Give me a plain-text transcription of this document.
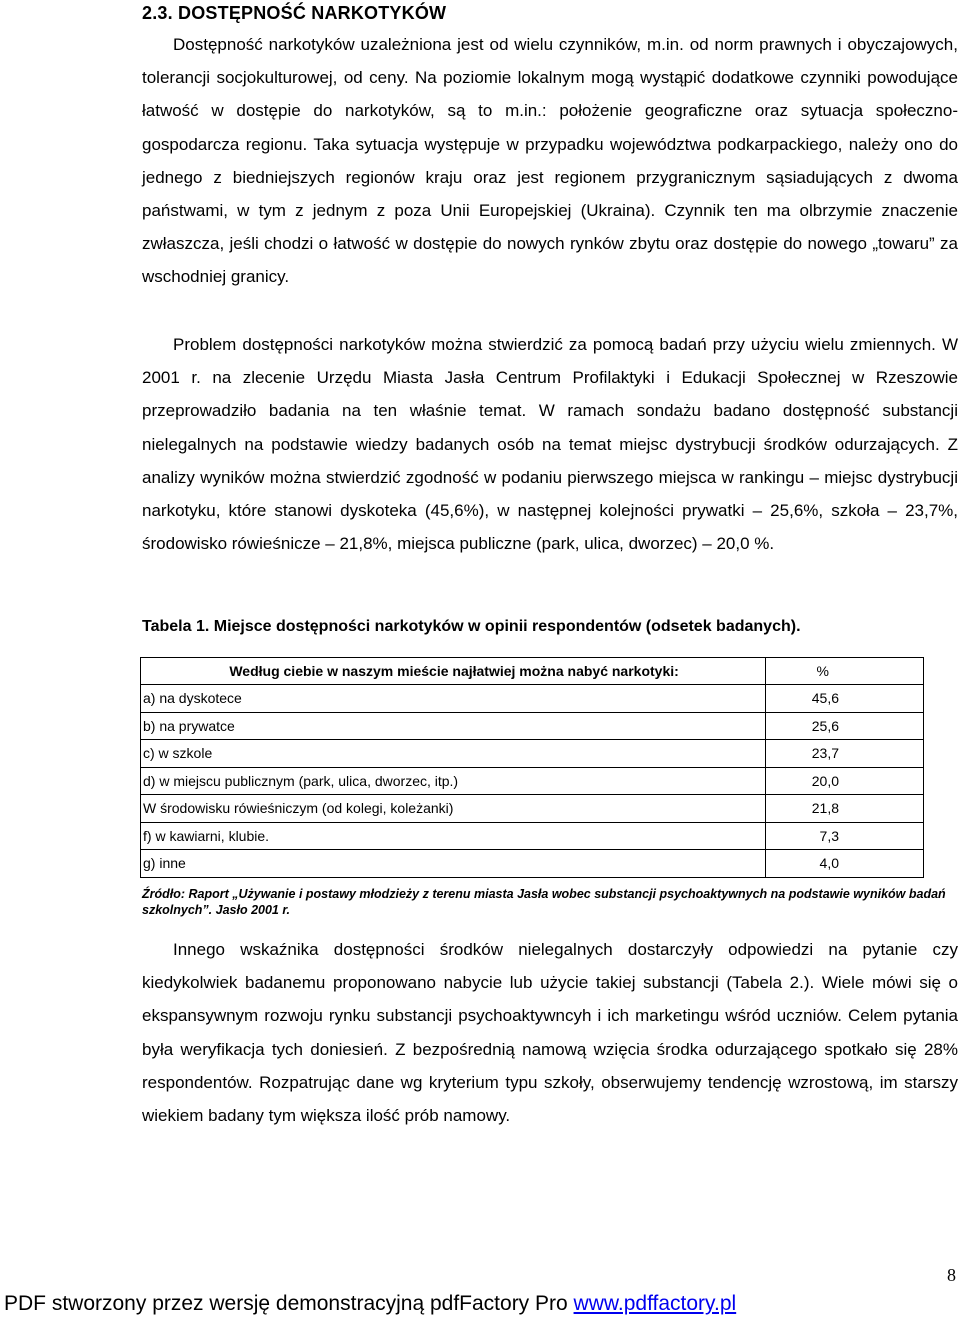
2.3. DOSTĘPNOŚĆ NARKOTYKÓW
Dostępność narkotyków uzależniona jest od wielu czynników, m.in. od norm prawnych i obyczajowych, tolerancji socjokulturowej, od ceny. Na poziomie lokalnym mogą wystąpić dodatkowe czynniki powodujące łatwość w dostępie do narkotyków, są to m.in.: położenie geograficzne oraz sytuacja społeczno-gospodarcza regionu. Taka sytuacja występuje w przypadku województwa podkarpackiego, należy ono do jednego z biedniejszych regionów kraju oraz jest regionem przygranicznym sąsiadujących z dwoma państwami, w tym z jednym z poza Unii Europejskiej (Ukraina). Czynnik ten ma olbrzymie znaczenie zwłaszcza, jeśli chodzi o łatwość w dostępie do nowych rynków zbytu oraz dostępie do nowego „towaru” za wschodniej granicy.
Problem dostępności narkotyków można stwierdzić za pomocą badań przy użyciu wielu zmiennych. W 2001 r. na zlecenie Urzędu Miasta Jasła Centrum Profilaktyki i Edukacji Społecznej w Rzeszowie przeprowadziło badania na ten właśnie temat. W ramach sondażu badano dostępność substancji nielegalnych na podstawie wiedzy badanych osób na temat miejsc dystrybucji środków odurzających. Z analizy wyników można stwierdzić zgodność w podaniu pierwszego miejsca w rankingu – miejsc dystrybucji narkotyku, które stanowi dyskoteka (45,6%), w następnej kolejności prywatki – 25,6%, szkoła – 23,7%, środowisko rówieśnicze – 21,8%, miejsca publiczne (park, ulica, dworzec) – 20,0 %.
Tabela 1. Miejsce dostępności narkotyków w opinii respondentów (odsetek badanych).
Według ciebie w naszym mieście najłatwiej można nabyć narkotyki:	%
a) na dyskotece	45,6
b) na prywatce	25,6
c) w szkole	23,7
d) w miejscu publicznym (park, ulica, dworzec, itp.)	20,0
W środowisku rówieśniczym (od kolegi, koleżanki)	21,8
f) w kawiarni, klubie.	7,3
g) inne	4,0
Źródło: Raport „Używanie i postawy młodzieży z terenu miasta Jasła wobec substancji psychoaktywnych na podstawie wyników badań szkolnych”. Jasło 2001 r.
Innego wskaźnika dostępności środków nielegalnych dostarczyły odpowiedzi na pytanie czy kiedykolwiek badanemu proponowano nabycie lub użycie takiej substancji (Tabela 2.). Wiele mówi się o ekspansywnym rozwoju rynku substancji psychoaktywncyh i ich marketingu wśród uczniów. Celem pytania była weryfikacja tych doniesień. Z bezpośrednią namową wzięcia środka odurzającego spotkało się 28% respondentów. Rozpatrując dane wg kryterium typu szkoły, obserwujemy tendencję wzrostową, im starszy wiekiem badany tym większa ilość prób namowy.
8
PDF stworzony przez wersję demonstracyjną pdfFactory Pro www.pdffactory.pl
